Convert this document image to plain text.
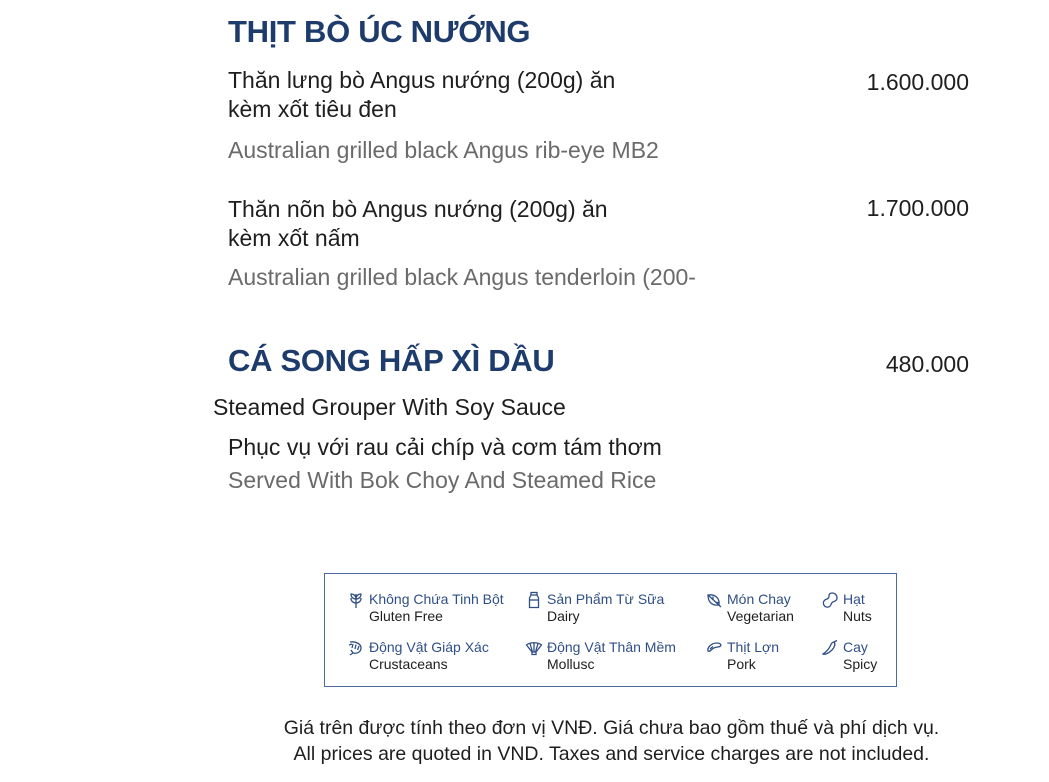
THỊT BÒ ÚC NƯỚNG
Thăn lưng bò Angus nướng (200g) ăn
kèm xốt tiêu đen
1.600.000
Australian grilled black Angus rib-eye MB2
Thăn nõn bò Angus nướng (200g) ăn
kèm xốt nấm
1.700.000
Australian grilled black Angus tenderloin (200-
CÁ SONG HẤP XÌ DẦU	480.000
Steamed Grouper With Soy Sauce
Phục vụ với rau cải chíp và cơm tám thơm
Served With Bok Choy And Steamed Rice
Không Chứa Tinh Bột
Gluten Free
Sản Phẩm Từ Sữa
Dairy
Món Chay
Vegetarian
Hạt
Nuts
Động Vật Giáp Xác
Crustaceans
Động Vật Thân Mềm
Mollusc
Thịt Lợn
Pork
Cay
Spicy
Giá trên được tính theo đơn vị VNĐ. Giá chưa bao gồm thuế và phí dịch vụ.
All prices are quoted in VND. Taxes and service charges are not included.
